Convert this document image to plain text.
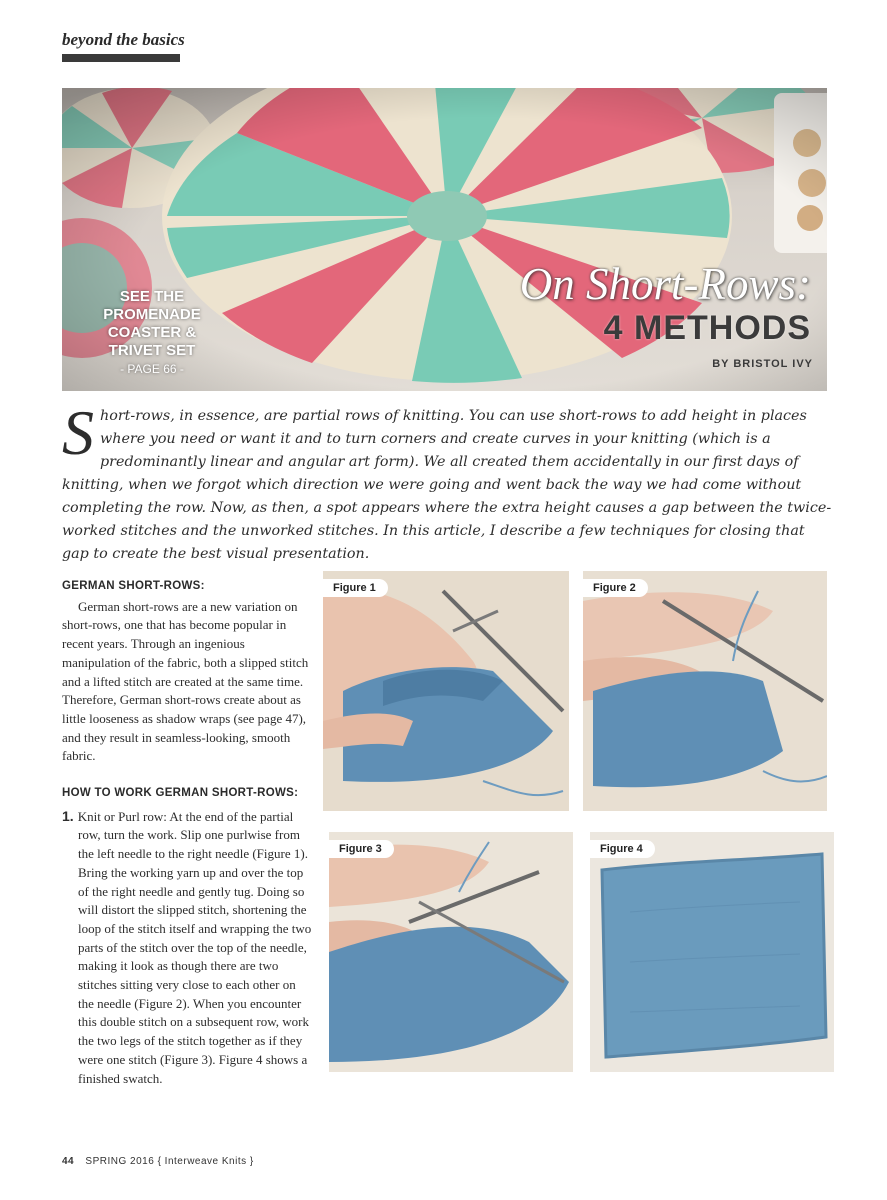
beyond the basics
SEE THE
PROMENADE
COASTER &
TRIVET SET
- PAGE 66 -
On Short-Rows:
4 METHODS
BY BRISTOL IVY
S hort-rows, in essence, are partial rows of knitting. You can use short-rows to add height in places where you need or want it and to turn corners and create curves in your knitting (which is a predominantly linear and angular art form). We all created them accidentally in our first days of knitting, when we forgot which direction we were going and went back the way we had come without completing the row. Now, as then, a spot appears where the extra height causes a gap between the twice-worked stitches and the unworked stitches. In this article, I describe a few techniques for closing that gap to create the best visual presentation.

GERMAN SHORT-ROWS:

German short-rows are a new variation on short-rows, one that has become popular in recent years. Through an ingenious manipulation of the fabric, both a slipped stitch and a lifted stitch are created at the same time. Therefore, German short-rows create about as little looseness as shadow wraps (see page 47), and they result in seamless-looking, smooth fabric.

HOW TO WORK GERMAN SHORT-ROWS:

1. Knit or Purl row: At the end of the partial row, turn the work. Slip one purlwise from the left needle to the right needle (Figure 1). Bring the working yarn up and over the top of the right needle and gently tug. Doing so will distort the slipped stitch, shortening the loop of the stitch itself and wrapping the two parts of the stitch over the top of the needle, making it look as though there are two stitches sitting very close to each other on the needle (Figure 2). When you encounter this double stitch on a subsequent row, work the two legs of the stitch together as if they were one stitch (Figure 3). Figure 4 shows a finished swatch.

Figure 1	Figure 2
Figure 3	Figure 4
44 SPRING 2016 { Interweave Knits }
